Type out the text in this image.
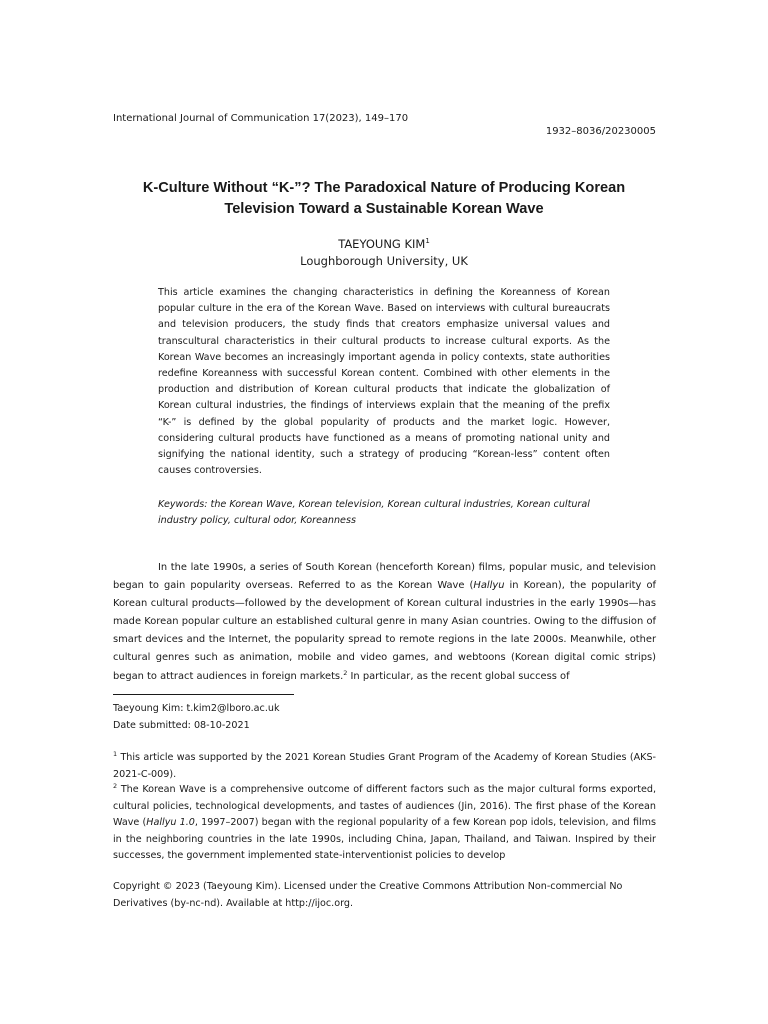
International Journal of Communication 17(2023), 149–170
1932–8036/20230005
K-Culture Without “K-”? The Paradoxical Nature of Producing Korean
Television Toward a Sustainable Korean Wave
TAEYOUNG KIM$^1$
Loughborough University, UK
This article examines the changing characteristics in defining the Koreanness of Korean popular culture in the era of the Korean Wave. Based on interviews with cultural bureaucrats and television producers, the study finds that creators emphasize universal values and transcultural characteristics in their cultural products to increase cultural exports. As the Korean Wave becomes an increasingly important agenda in policy contexts, state authorities redefine Koreanness with successful Korean content. Combined with other elements in the production and distribution of Korean cultural products that indicate the globalization of Korean cultural industries, the findings of interviews explain that the meaning of the prefix “K-” is defined by the global popularity of products and the market logic. However, considering cultural products have functioned as a means of promoting national unity and signifying the national identity, such a strategy of producing “Korean-less” content often causes controversies.
Keywords: the Korean Wave, Korean television, Korean cultural industries, Korean cultural industry policy, cultural odor, Koreanness

In the late 1990s, a series of South Korean (henceforth Korean) films, popular music, and television began to gain popularity overseas. Referred to as the Korean Wave (Hallyu in Korean), the popularity of Korean cultural products—followed by the development of Korean cultural industries in the early 1990s—has made Korean popular culture an established cultural genre in many Asian countries. Owing to the diffusion of smart devices and the Internet, the popularity spread to remote regions in the late 2000s. Meanwhile, other cultural genres such as animation, mobile and video games, and webtoons (Korean digital comic strips) began to attract audiences in foreign markets.$^2$ In particular, as the recent global success of

Taeyoung Kim: t.kim2@lboro.ac.uk
Date submitted: 08-10-2021
$^1$ This article was supported by the 2021 Korean Studies Grant Program of the Academy of Korean Studies (AKS-2021-C-009).
$^2$ The Korean Wave is a comprehensive outcome of different factors such as the major cultural forms exported, cultural policies, technological developments, and tastes of audiences (Jin, 2016). The first phase of the Korean Wave (Hallyu 1.0, 1997–2007) began with the regional popularity of a few Korean pop idols, television, and films in the neighboring countries in the late 1990s, including China, Japan, Thailand, and Taiwan. Inspired by their successes, the government implemented state-interventionist policies to develop
Copyright © 2023 (Taeyoung Kim). Licensed under the Creative Commons Attribution Non-commercial No Derivatives (by-nc-nd). Available at http://ijoc.org.
